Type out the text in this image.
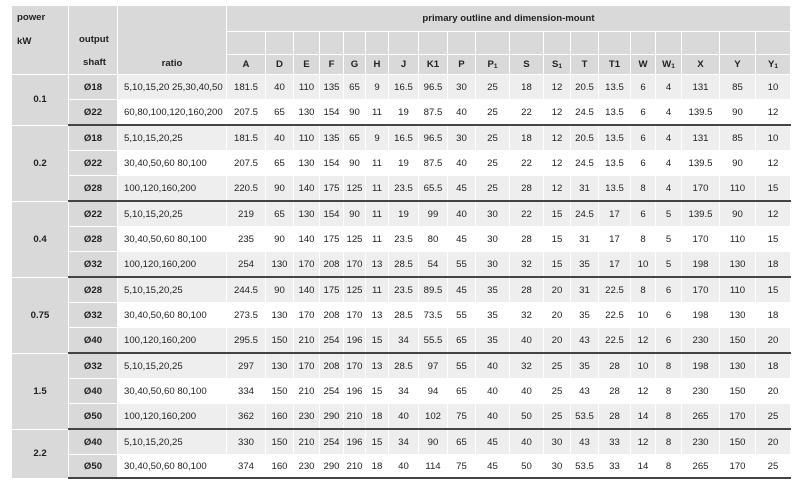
power
kW	output
shaft	ratio	primary outline and dimension-mount																		

			A	D	E	F	G	H	J	K1	P	P1	S	S1	T	T1	W	W1	X	Y	Y1
0.1	Ø18	5,10,15,20 25,30,40,50	181.5	40	110	135	65	9	16.5	96.5	30	25	18	12	20.5	13.5	6	4	131	85	10
	Ø22	60,80,100,120,160,200	207.5	65	130	154	90	11	19	87.5	40	25	22	12	24.5	13.5	6	4	139.5	90	12
0.2	Ø18	5,10,15,20,25	181.5	40	110	135	65	9	16.5	96.5	30	25	18	12	20.5	13.5	6	4	131	85	10
	Ø22	30,40,50,60 80,100	207.5	65	130	154	90	11	19	87.5	40	25	22	12	24.5	13.5	6	4	139.5	90	12
	Ø28	100,120,160,200	220.5	90	140	175	125	11	23.5	65.5	45	25	28	12	31	13.5	8	4	170	110	15
0.4	Ø22	5,10,15,20,25	219	65	130	154	90	11	19	99	40	30	22	15	24.5	17	6	5	139.5	90	12
	Ø28	30,40,50,60 80,100	235	90	140	175	125	11	23.5	80	45	30	28	15	31	17	8	5	170	110	15
	Ø32	100,120,160,200	254	130	170	208	170	13	28.5	54	55	30	32	15	35	17	10	5	198	130	18
0.75	Ø28	5,10,15,20,25	244.5	90	140	175	125	11	23.5	89.5	45	35	28	20	31	22.5	8	6	170	110	15
	Ø32	30,40,50,60 80,100	273.5	130	170	208	170	13	28.5	73.5	55	35	32	20	35	22.5	10	6	198	130	18
	Ø40	100,120,160,200	295.5	150	210	254	196	15	34	55.5	65	35	40	20	43	22.5	12	6	230	150	20
1.5	Ø32	5,10,15,20,25	297	130	170	208	170	13	28.5	97	55	40	32	25	35	28	10	8	198	130	18
	Ø40	30,40,50,60 80,100	334	150	210	254	196	15	34	94	65	40	40	25	43	28	12	8	230	150	20
	Ø50	100,120,160,200	362	160	230	290	210	18	40	102	75	40	50	25	53.5	28	14	8	265	170	25
2.2	Ø40	5,10,15,20,25	330	150	210	254	196	15	34	90	65	45	40	30	43	33	12	8	230	150	20
	Ø50	30,40,50,60 80,100	374	160	230	290	210	18	40	114	75	45	50	30	53.5	33	14	8	265	170	25
